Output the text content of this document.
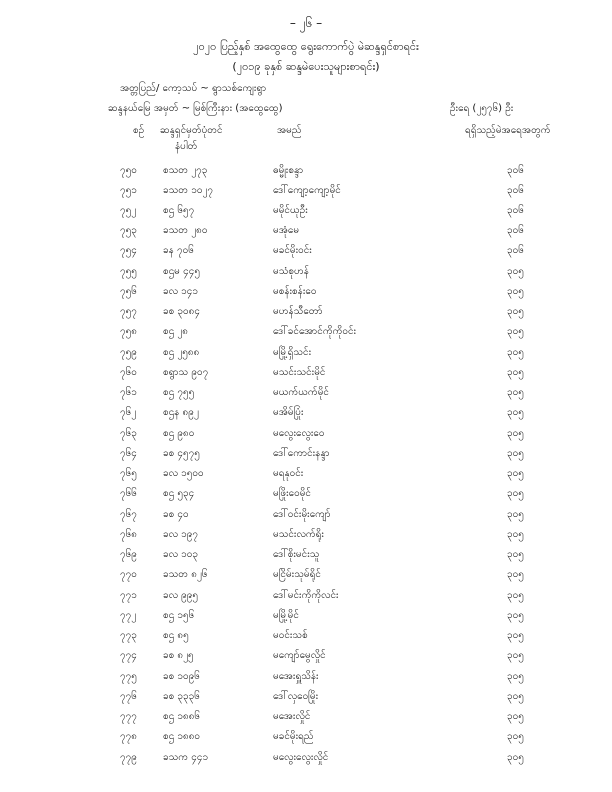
– ၂၆ –
၂၀၂၀ ပြည့်နှစ် အထွေထွေ ရွေးကောက်ပွဲ မဲဆန္ဒရှင်စာရင်း
(၂၀၁၉ ခုနှစ် ဆန္ဒမဲပေးသူများစာရင်း)
အတ္တပြည်/ ကော့သပ် ~ ရွာသစ်ကျေးရွာ
ဆန္ဒနယ်မြေ အမှတ် ~ မြစ်ကြီးနား (အထွေထွေ)	ဦးရေ (၂၅၇၆) ဦး
စဉ် ဆန္ဒရှင်မှတ်ပုံတင်
နံပါတ်
အမည်	ရရှိသည့်မဲအရေအတွက်
၇၅၀	စသတ ၂၇၃	ဓမ္မိုးစန္ဒာ	၃၀၆
၇၅၁	ခသတ ၁၀၂၇	ဒေါ်ကျော့ကျော့မိုင်	၃၀၆
၇၅၂	စဌ ၆၅၇	မမိုင်ယုဦး	၃၀၆
၇၅၃	ခသတ ၂၈၀	မအုံမေ	၃၀၆
၇၅၄	ခန ၇၀၆	မခင်မိုးဝင်း	၃၀၆
၇၅၅	စဌမ ၄၄၅	မသံစုဟန်	၃၀၅
၇၅၆	ခလ ၁၄၁	မစန်းစန်းဝေ	၃၀၅
၇၅၇	ခစ ၃၀၈၄	မဟန်သီတော်	၃၀၅
၇၅၈	စဌ ၂၈	ဒေါ်ခင်အောင်ကိုကိုဝင်း	၃၀၅
၇၅၉	စဌ ၂၅၈၈	မမြို့ရှိသင်း	၃၀၅
၇၆၀	စရွာသ ၉၀၇	မသင်းသင်းမိုင်	၃၀၅
၇၆၁	စဌ ၇၅၅	မယက်ယက်မိုင်	၃၀၅
၇၆၂	စဌန ၈၉၂	မအိမ်ပြုံး	၃၀၅
၇၆၃	စဌ ၉၈၀	မလွေးလွေးဝေ	၃၀၅
၇၆၄	ခစ ၄၅၇၅	ဒေါ်ကောင်းနန္ဒာ	၃၀၅
၇၆၅	ခလ ၁၅၀၀	မရနုဝင်း	၃၀၅
၇၆၆	စဌ ၅၃၄	မဖြိုးဝေမိုင်	၃၀၅
၇၆၇	ခစ ၄၀	ဒေါ်ဝင်းမိုးကျော်	၃၀၅
၇၆၈	ခလ ၁၉၇	မသင်းလက်ရိုး	၃၀၅
၇၆၉	ခလ ၁၀၃	ဒေါ်စိုးမင်းသူ	၃၀၅
၇၇၀	ခသတ ၈၂၆	မငြိမ်းသုမ်ရိုင်	၃၀၅
၇၇၁	ခလ ၉၉၅	ဒေါ်မင်းကိုကိုလင်း	၃၀၅
၇၇၂	စဌ ၁၅၆	မမြို့မိုင်	၃၀၅
၇၇၃	စဌ ၈၅	မဝင်းသစ်	၃၀၅
၇၇၄	ခစ ၈၂၅	မကျော်မွေလှိုင်	၃၀၅
၇၇၅	ခစ ၁၀၉၆	မအေးရှူသိန်း	၃၀၅
၇၇၆	ခစ ၃၃၃၆	ဒေါ်လှဝေမြိုး	၃၀၅
၇၇၇	စဌ ၁၈၈၆	မအေးလှိုင်	၃၀၅
၇၇၈	စဌ ၁၈၈၀	မခင်မိုးရည်	၃၀၅
၇၇၉	ခသက ၄၄၁	မလွေးလွေးလှိုင်	၃၀၅
